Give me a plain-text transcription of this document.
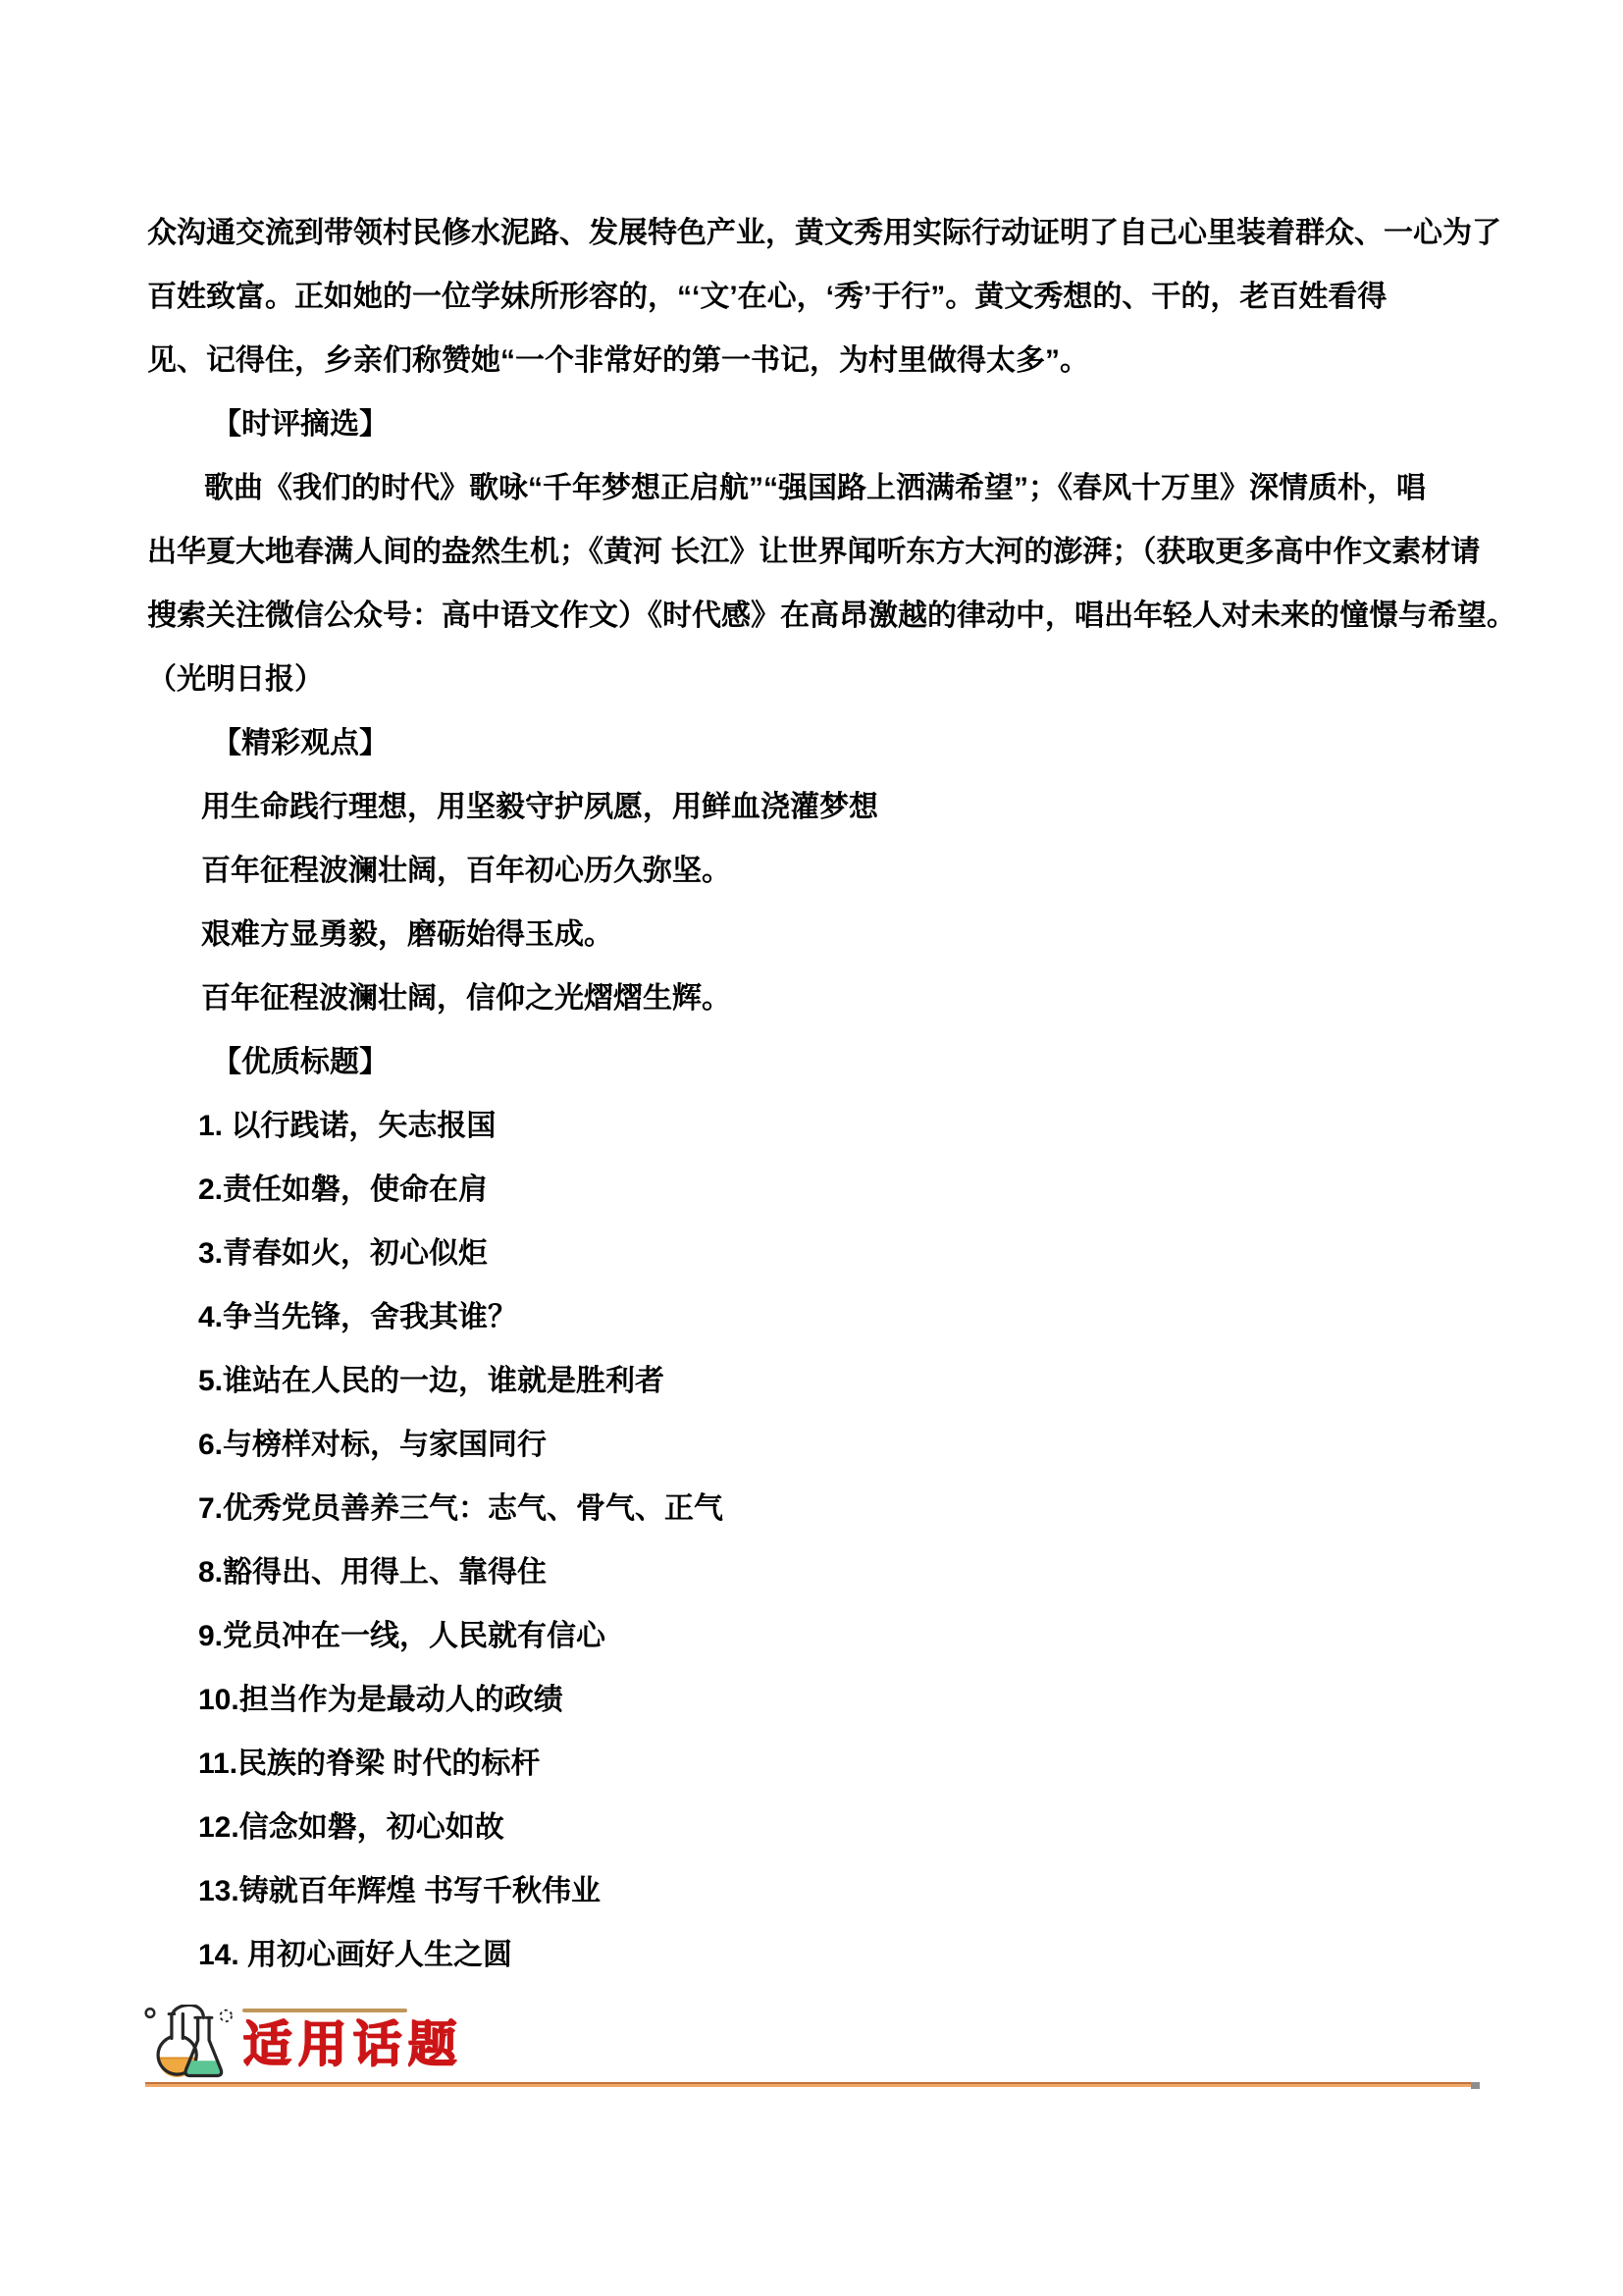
众沟通交流到带领村民修水泥路、发展特色产业，黄文秀用实际行动证明了自己心里装着群众、一心为了
百姓致富。正如她的一位学妹所形容的，“‘文’在心，‘秀’于行”。黄文秀想的、干的，老百姓看得
见、记得住，乡亲们称赞她“一个非常好的第一书记，为村里做得太多”。
【时评摘选】
歌曲《我们的时代》歌咏“千年梦想正启航”“强国路上洒满希望”；《春风十万里》深情质朴，唱
出华夏大地春满人间的盎然生机；《黄河 长江》让世界闻听东方大河的澎湃；（获取更多高中作文素材请
搜索关注微信公众号：高中语文作文）《时代感》在高昂激越的律动中，唱出年轻人对未来的憧憬与希望。
（光明日报）
【精彩观点】
用生命践行理想，用坚毅守护夙愿，用鲜血浇灌梦想
百年征程波澜壮阔，百年初心历久弥坚。
艰难方显勇毅，磨砺始得玉成。
百年征程波澜壮阔，信仰之光熠熠生辉。
【优质标题】
1. 以行践诺，矢志报国
2.责任如磐，使命在肩
3.青春如火，初心似炬
4.争当先锋，舍我其谁？
5.谁站在人民的一边，谁就是胜利者
6.与榜样对标，与家国同行
7.优秀党员善养三气：志气、骨气、正气
8.豁得出、用得上、靠得住
9.党员冲在一线，人民就有信心
10.担当作为是最动人的政绩
11.民族的脊梁 时代的标杆
12.信念如磐，初心如故
13.铸就百年辉煌 书写千秋伟业
14. 用初心画好人生之圆
适用话题
